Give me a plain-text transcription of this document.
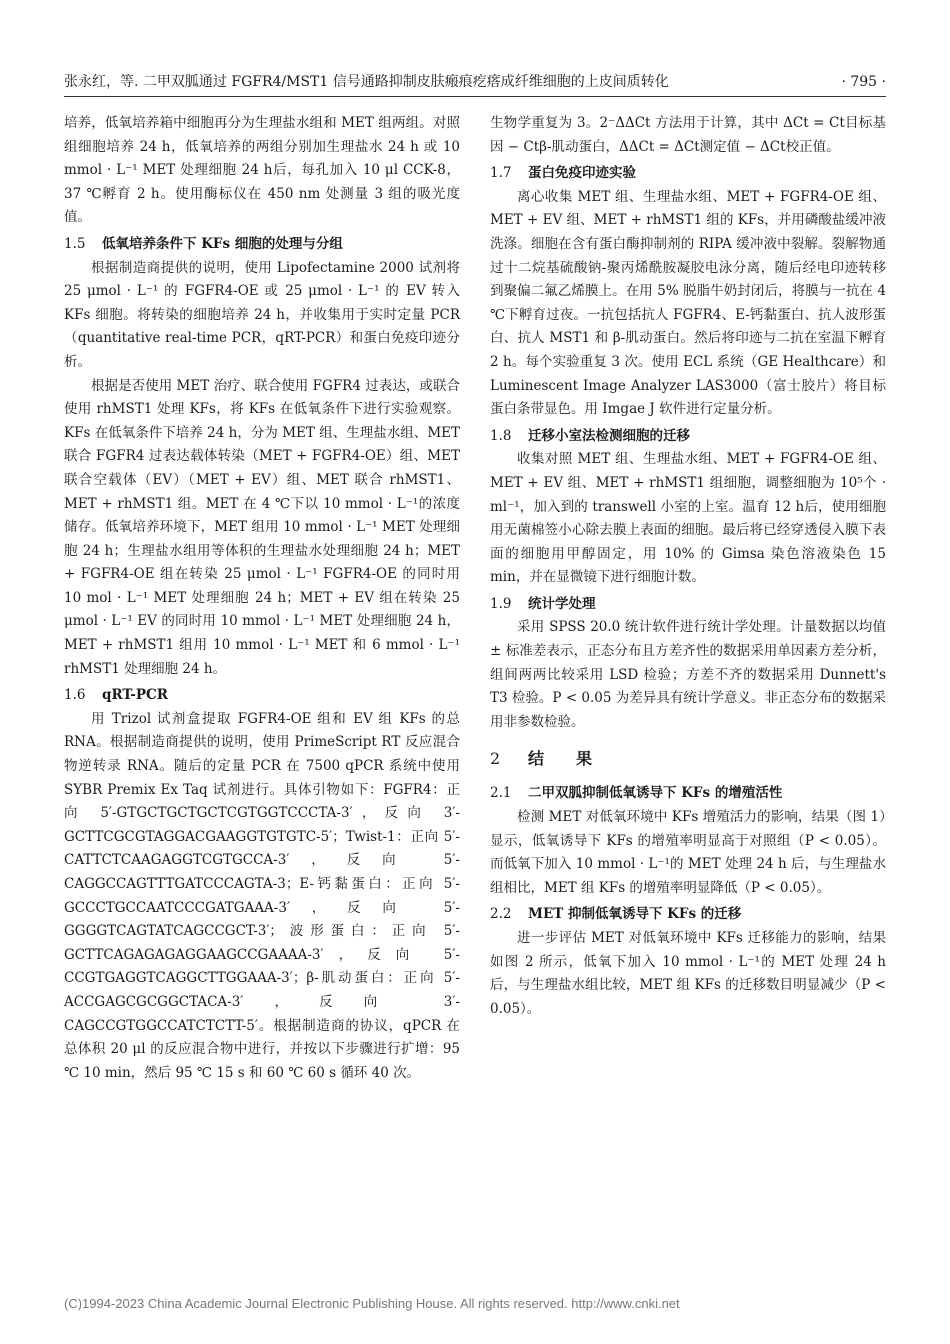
张永红，等. 二甲双胍通过 FGFR4/MST1 信号通路抑制皮肤瘢痕疙瘩成纤维细胞的上皮间质转化	· 795 ·

培养，低氧培养箱中细胞再分为生理盐水组和 MET 组两组。对照组细胞培养 24 h，低氧培养的两组分别加生理盐水 24 h 或 10 mmol · L⁻¹ MET 处理细胞 24 h后，每孔加入 10 μl CCK-8，37 ℃孵育 2 h。使用酶标仪在 450 nm 处测量 3 组的吸光度值。

1.5 低氧培养条件下 KFs 细胞的处理与分组

根据制造商提供的说明，使用 Lipofectamine 2000 试剂将 25 μmol · L⁻¹ 的 FGFR4-OE 或 25 μmol · L⁻¹ 的 EV 转入 KFs 细胞。将转染的细胞培养 24 h，并收集用于实时定量 PCR（quantitative real-time PCR，qRT-PCR）和蛋白免疫印迹分析。

根据是否使用 MET 治疗、联合使用 FGFR4 过表达，或联合使用 rhMST1 处理 KFs，将 KFs 在低氧条件下进行实验观察。KFs 在低氧条件下培养 24 h，分为 MET 组、生理盐水组、MET 联合 FGFR4 过表达载体转染（MET + FGFR4-OE）组、MET 联合空载体（EV）（MET + EV）组、MET 联合 rhMST1、MET + rhMST1 组。MET 在 4 ℃下以 10 mmol · L⁻¹的浓度储存。低氧培养环境下，MET 组用 10 mmol · L⁻¹ MET 处理细胞 24 h；生理盐水组用等体积的生理盐水处理细胞 24 h；MET + FGFR4-OE 组在转染 25 μmol · L⁻¹ FGFR4-OE 的同时用 10 mol · L⁻¹ MET 处理细胞 24 h；MET + EV 组在转染 25 μmol · L⁻¹ EV 的同时用 10 mmol · L⁻¹ MET 处理细胞 24 h，MET + rhMST1 组用 10 mmol · L⁻¹ MET 和 6 mmol · L⁻¹ rhMST1 处理细胞 24 h。

1.6 qRT-PCR

用 Trizol 试剂盒提取 FGFR4-OE 组和 EV 组 KFs 的总 RNA。根据制造商提供的说明，使用 PrimeScript RT 反应混合物逆转录 RNA。随后的定量 PCR 在 7500 qPCR 系统中使用 SYBR Premix Ex Taq 试剂进行。具体引物如下：FGFR4：正向 5′-GTGCTGCTGCTCGTGGTCCCTA-3′，反向 3′-GCTTCGCGTAGGACGAAGGTGTGTC-5′；Twist-1：正向 5′-CATTCTCAAGAGGTCGTGCCA-3′，反向 5′-CAGGCCAGTTTGATCCCAGTA-3；E-钙黏蛋白：正向 5′-GCCCTGCCAATCCCGATGAAA-3′，反向 5′-GGGGTCAGTATCAGCCGCT-3′；波形蛋白：正向 5′-GCTTCAGAGAGAGGAAGCCGAAAA-3′，反向 5′-CCGTGAGGTCAGGCTTGGAAA-3′；β-肌动蛋白：正向 5′-ACCGAGCGCGGCTACA-3′，反向 3′-CAGCCGTGGCCATCTCTT-5′。根据制造商的协议，qPCR 在总体积 20 μl 的反应混合物中进行，并按以下步骤进行扩增：95 ℃ 10 min，然后 95 ℃ 15 s 和 60 ℃ 60 s 循环 40 次。

生物学重复为 3。2⁻ΔΔCt 方法用于计算，其中 ΔCt = Ct目标基因 − Ctβ-肌动蛋白，ΔΔCt = ΔCt测定值 − ΔCt校正值。

1.7 蛋白免疫印迹实验

离心收集 MET 组、生理盐水组、MET + FGFR4-OE 组、MET + EV 组、MET + rhMST1 组的 KFs，并用磷酸盐缓冲液洗涤。细胞在含有蛋白酶抑制剂的 RIPA 缓冲液中裂解。裂解物通过十二烷基硫酸钠-聚丙烯酰胺凝胶电泳分离，随后经电印迹转移到聚偏二氟乙烯膜上。在用 5% 脱脂牛奶封闭后，将膜与一抗在 4 ℃下孵育过夜。一抗包括抗人 FGFR4、E-钙黏蛋白、抗人波形蛋白、抗人 MST1 和 β-肌动蛋白。然后将印迹与二抗在室温下孵育 2 h。每个实验重复 3 次。使用 ECL 系统（GE Healthcare）和 Luminescent Image Analyzer LAS3000（富士胶片）将目标蛋白条带显色。用 Imgae J 软件进行定量分析。

1.8 迁移小室法检测细胞的迁移

收集对照 MET 组、生理盐水组、MET + FGFR4-OE 组、MET + EV 组、MET + rhMST1 组细胞，调整细胞为 10⁵个 · ml⁻¹，加入到的 transwell 小室的上室。温育 12 h后，使用细胞用无菌棉签小心除去膜上表面的细胞。最后将已经穿透侵入膜下表面的细胞用甲醇固定，用 10% 的 Gimsa 染色溶液染色 15 min，并在显微镜下进行细胞计数。

1.9 统计学处理

采用 SPSS 20.0 统计软件进行统计学处理。计量数据以均值 ± 标准差表示，正态分布且方差齐性的数据采用单因素方差分析，组间两两比较采用 LSD 检验；方差不齐的数据采用 Dunnett's T3 检验。P < 0.05 为差异具有统计学意义。非正态分布的数据采用非参数检验。

2 结　　果

2.1 二甲双胍抑制低氧诱导下 KFs 的增殖活性

检测 MET 对低氧环境中 KFs 增殖活力的影响，结果（图 1）显示，低氧诱导下 KFs 的增殖率明显高于对照组（P < 0.05）。而低氧下加入 10 mmol · L⁻¹的 MET 处理 24 h 后，与生理盐水组相比，MET 组 KFs 的增殖率明显降低（P < 0.05）。

2.2 MET 抑制低氧诱导下 KFs 的迁移

进一步评估 MET 对低氧环境中 KFs 迁移能力的影响，结果如图 2 所示，低氧下加入 10 mmol · L⁻¹的 MET 处理 24 h 后，与生理盐水组比较，MET 组 KFs 的迁移数目明显减少（P < 0.05）。

(C)1994-2023 China Academic Journal Electronic Publishing House. All rights reserved. http://www.cnki.net
